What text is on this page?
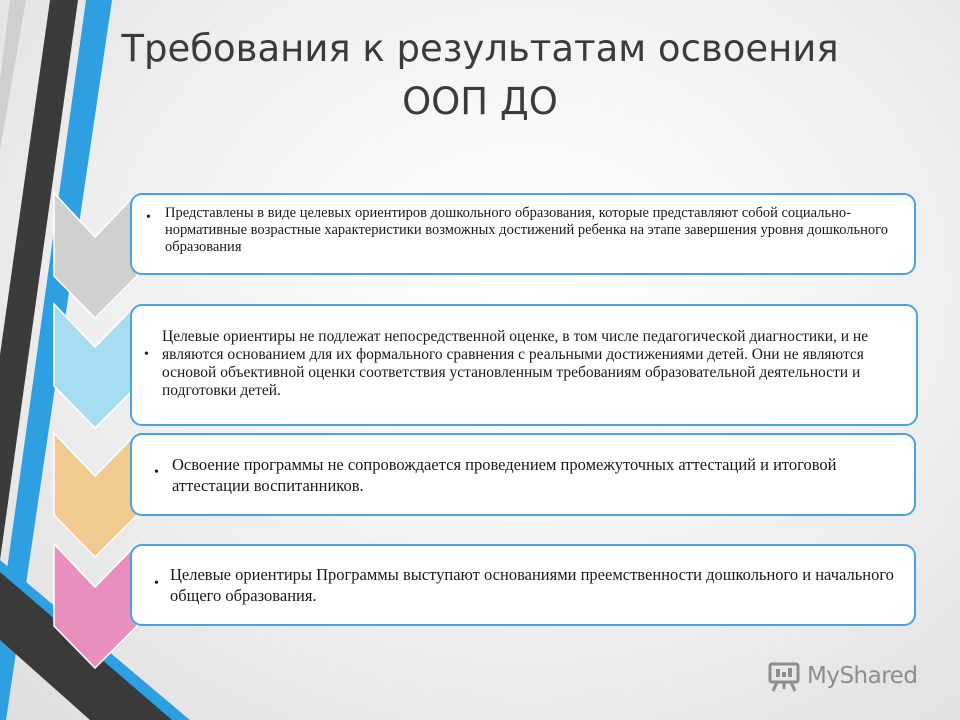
Требования к результатам освоения
ООП ДО
• Представлены в виде целевых ориентиров дошкольного образования, которые представляют собой социально- нормативные возрастные характеристики возможных достижений ребенка на этапе завершения уровня дошкольного образования
•
Целевые ориентиры не подлежат непосредственной оценке, в том числе педагогической диагностики, и не являются основанием для их формального сравнения с реальными достижениями детей. Они не являются основой объективной оценки соответствия установленным требованиям образовательной деятельности и подготовки детей.
• Освоение программы не сопровождается проведением промежуточных аттестаций и итоговой аттестации воспитанников.
• Целевые ориентиры Программы выступают основаниями преемственности дошкольного и начального общего образования.
MyShared
